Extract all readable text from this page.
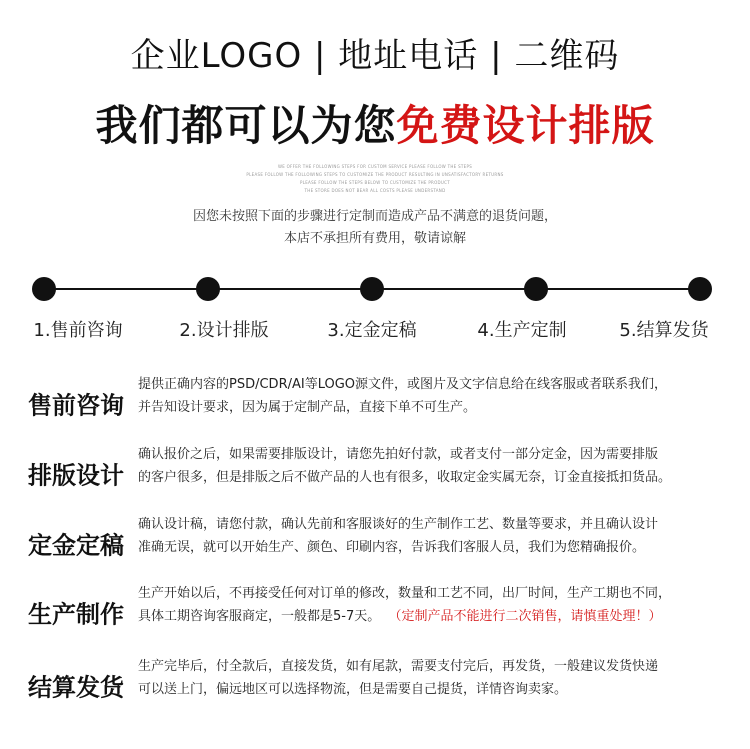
企业LOGO | 地址电话 | 二维码
我们都可以为您免费设计排版
WE OFFER THE FOLLOWING STEPS FOR CUSTOM SERVICE PLEASE FOLLOW THE STEPS
PLEASE FOLLOW THE FOLLOWING STEPS TO CUSTOMIZE THE PRODUCT RESULTING IN UNSATISFACTORY RETURNS
PLEASE FOLLOW THE STEPS BELOW TO CUSTOMIZE THE PRODUCT
THE STORE DOES NOT BEAR ALL COSTS PLEASE UNDERSTAND
因您未按照下面的步骤进行定制而造成产品不满意的退货问题，
本店不承担所有费用，敬请谅解
1.售前咨询	2.设计排版	3.定金定稿	4.生产定制	5.结算发货
售前咨询
提供正确内容的PSD/CDR/AI等LOGO源文件，或图片及文字信息给在线客服或者联系我们，
并告知设计要求，因为属于定制产品，直接下单不可生产。
排版设计
确认报价之后，如果需要排版设计，请您先拍好付款，或者支付一部分定金，因为需要排版
的客户很多，但是排版之后不做产品的人也有很多，收取定金实属无奈，订金直接抵扣货品。
定金定稿
确认设计稿，请您付款，确认先前和客服谈好的生产制作工艺、数量等要求，并且确认设计
准确无误，就可以开始生产、颜色、印刷内容，告诉我们客服人员，我们为您精确报价。
生产制作
生产开始以后，不再接受任何对订单的修改，数量和工艺不同，出厂时间，生产工期也不同，
具体工期咨询客服商定，一般都是5-7天。 （定制产品不能进行二次销售，请慎重处理！）
结算发货
生产完毕后，付全款后，直接发货，如有尾款，需要支付完后，再发货，一般建议发货快递
可以送上门，偏远地区可以选择物流，但是需要自己提货，详情咨询卖家。
